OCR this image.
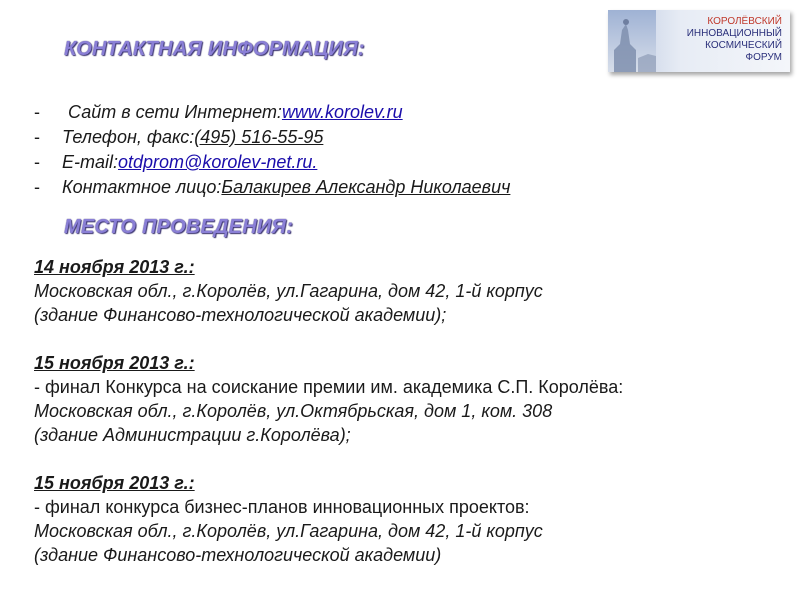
КОНТАКТНАЯ ИНФОРМАЦИЯ:
КОРОЛЁВСКИЙ
ИННОВАЦИОННЫЙ
КОСМИЧЕСКИЙ
ФОРУМ
-	Сайт в сети Интернет: www.korolev.ru
-	Телефон, факс: (495) 516-55-95
-	E-mail: otdprom@korolev-net.ru.
-	Контактное лицо: Балакирев Александр Николаевич
МЕСТО ПРОВЕДЕНИЯ:
14 ноября 2013 г.:
Московская обл., г.Королёв, ул.Гагарина, дом 42, 1-й корпус
(здание Финансово-технологической академии);
15 ноября 2013 г.:
- финал Конкурса на соискание премии им. академика С.П. Королёва:
Московская обл., г.Королёв, ул.Октябрьская, дом 1, ком. 308
(здание Администрации г.Королёва);
15 ноября 2013 г.:
- финал конкурса бизнес-планов инновационных проектов:
Московская обл., г.Королёв, ул.Гагарина, дом 42, 1-й корпус
(здание Финансово-технологической академии)
